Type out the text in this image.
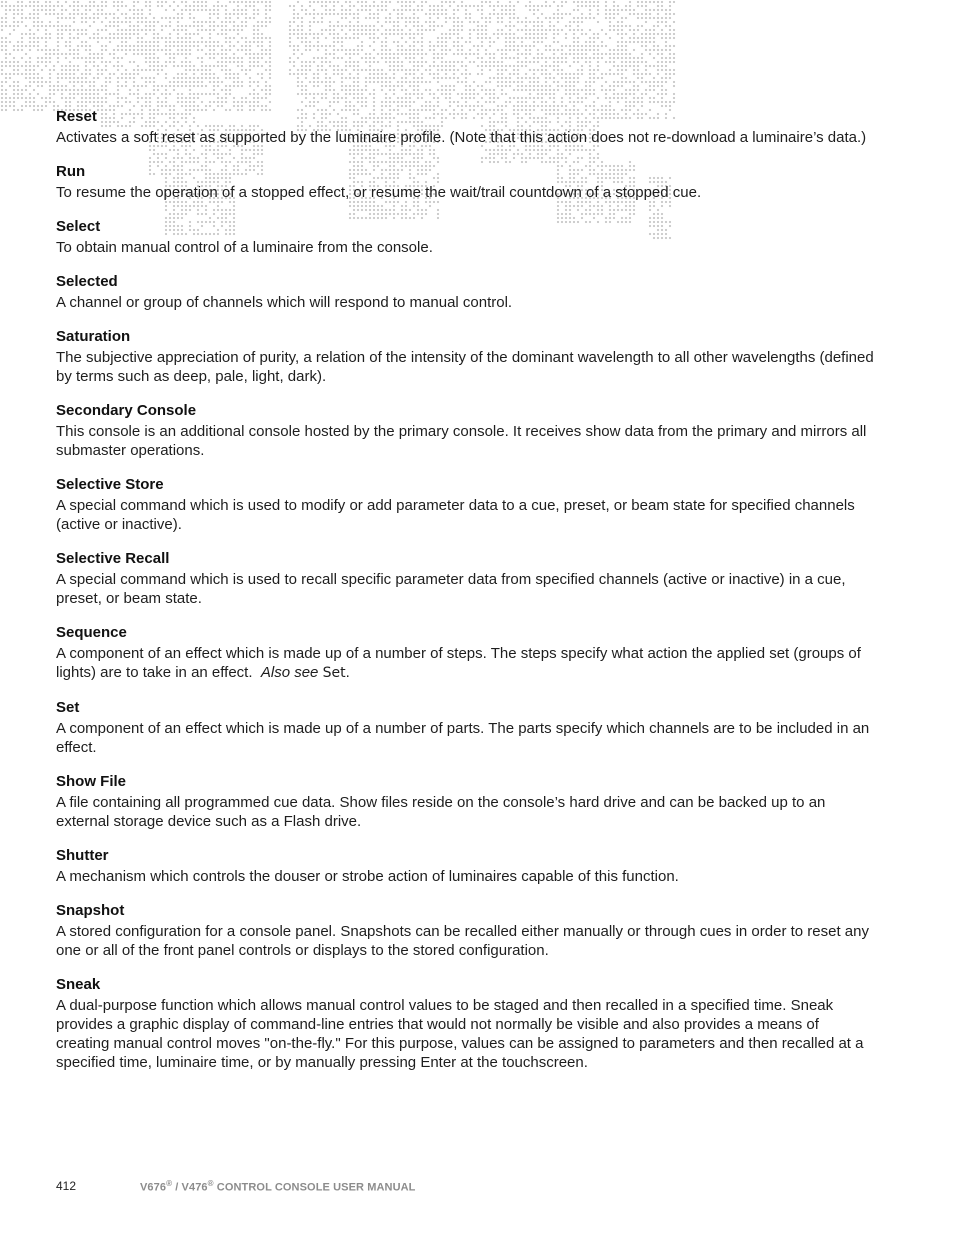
Reset

Activates a soft reset as supported by the luminaire profile. (Note that this action does not re-download a luminaire’s data.)

Run

To resume the operation of a stopped effect, or resume the wait/trail countdown of a stopped cue.

Select

To obtain manual control of a luminaire from the console.

Selected

A channel or group of channels which will respond to manual control.

Saturation

The subjective appreciation of purity, a relation of the intensity of the dominant wavelength to all other wavelengths (defined by terms such as deep, pale, light, dark).

Secondary Console

This console is an additional console hosted by the primary console. It receives show data from the primary and mirrors all submaster operations.

Selective Store

A special command which is used to modify or add parameter data to a cue, preset, or beam state for specified channels (active or inactive).

Selective Recall

A special command which is used to recall specific parameter data from specified channels (active or inactive) in a cue, preset, or beam state.

Sequence

A component of an effect which is made up of a number of steps. The steps specify what action the applied set (groups of lights) are to take in an effect. Also see Set.

Set

A component of an effect which is made up of a number of parts. The parts specify which channels are to be included in an effect.

Show File

A file containing all programmed cue data. Show files reside on the console’s hard drive and can be backed up to an external storage device such as a Flash drive.

Shutter

A mechanism which controls the douser or strobe action of luminaires capable of this function.

Snapshot

A stored configuration for a console panel. Snapshots can be recalled either manually or through cues in order to reset any one or all of the front panel controls or displays to the stored configuration.

Sneak

A dual-purpose function which allows manual control values to be staged and then recalled in a specified time. Sneak provides a graphic display of command-line entries that would not normally be visible and also provides a means of creating manual control moves "on-the-fly." For this purpose, values can be assigned to parameters and then recalled at a specified time, luminaire time, or by manually pressing Enter at the touchscreen.

412	V676® / V476® CONTROL CONSOLE USER MANUAL
